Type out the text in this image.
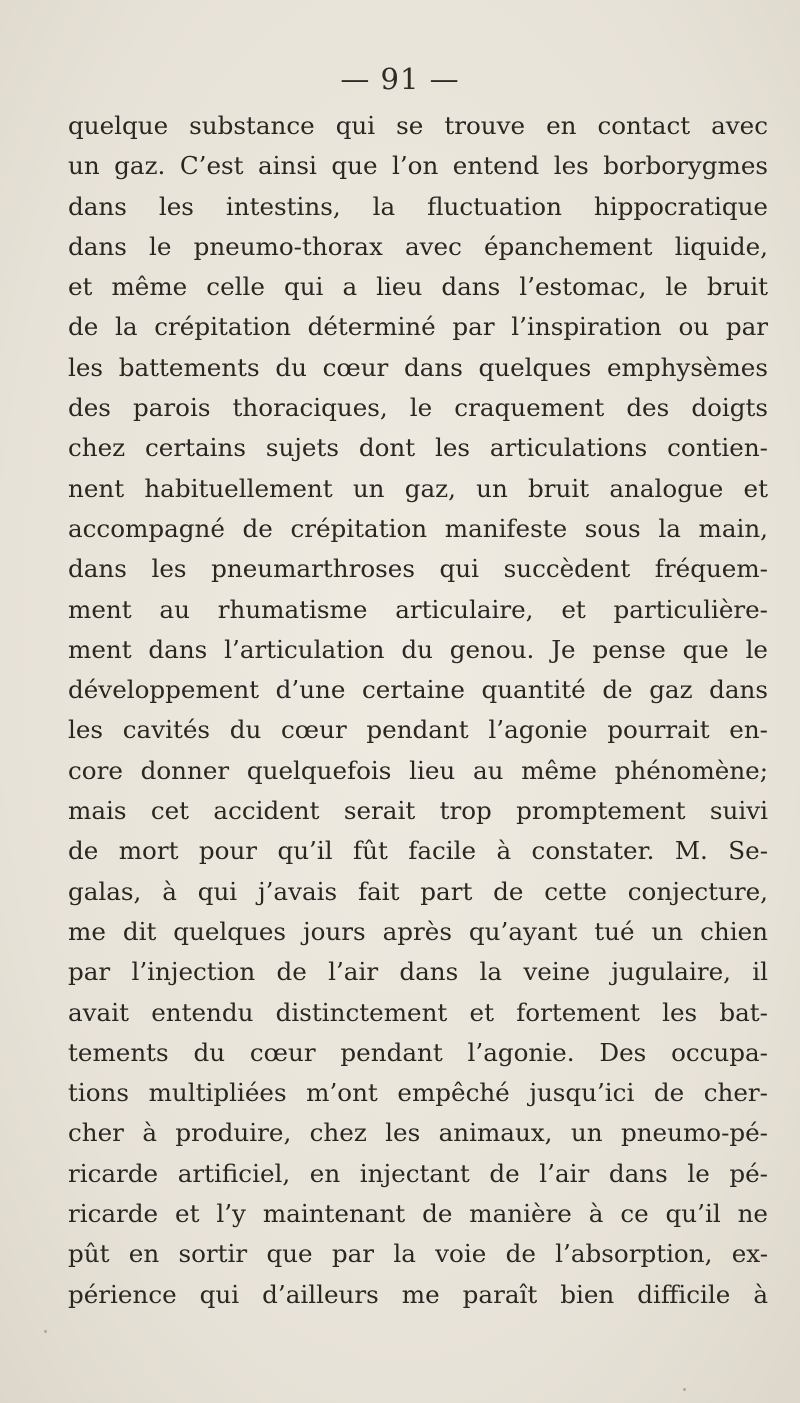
— 91 —
quelque substance qui se trouve en contact avec
un gaz. C’est ainsi que l’on entend les borborygmes
dans les intestins, la fluctuation hippocratique
dans le pneumo-thorax avec épanchement liquide,
et même celle qui a lieu dans l’estomac, le bruit
de la crépitation déterminé par l’inspiration ou par
les battements du cœur dans quelques emphysèmes
des parois thoraciques, le craquement des doigts
chez certains sujets dont les articulations contien-
nent habituellement un gaz, un bruit analogue et
accompagné de crépitation manifeste sous la main,
dans les pneumarthroses qui succèdent fréquem-
ment au rhumatisme articulaire, et particulière-
ment dans l’articulation du genou. Je pense que le
développement d’une certaine quantité de gaz dans
les cavités du cœur pendant l’agonie pourrait en-
core donner quelquefois lieu au même phénomène;
mais cet accident serait trop promptement suivi
de mort pour qu’il fût facile à constater. M. Se-
galas, à qui j’avais fait part de cette conjecture,
me dit quelques jours après qu’ayant tué un chien
par l’injection de l’air dans la veine jugulaire, il
avait entendu distinctement et fortement les bat-
tements du cœur pendant l’agonie. Des occupa-
tions multipliées m’ont empêché jusqu’ici de cher-
cher à produire, chez les animaux, un pneumo-pé-
ricarde artificiel, en injectant de l’air dans le pé-
ricarde et l’y maintenant de manière à ce qu’il ne
pût en sortir que par la voie de l’absorption, ex-
périence qui d’ailleurs me paraît bien difficile à
